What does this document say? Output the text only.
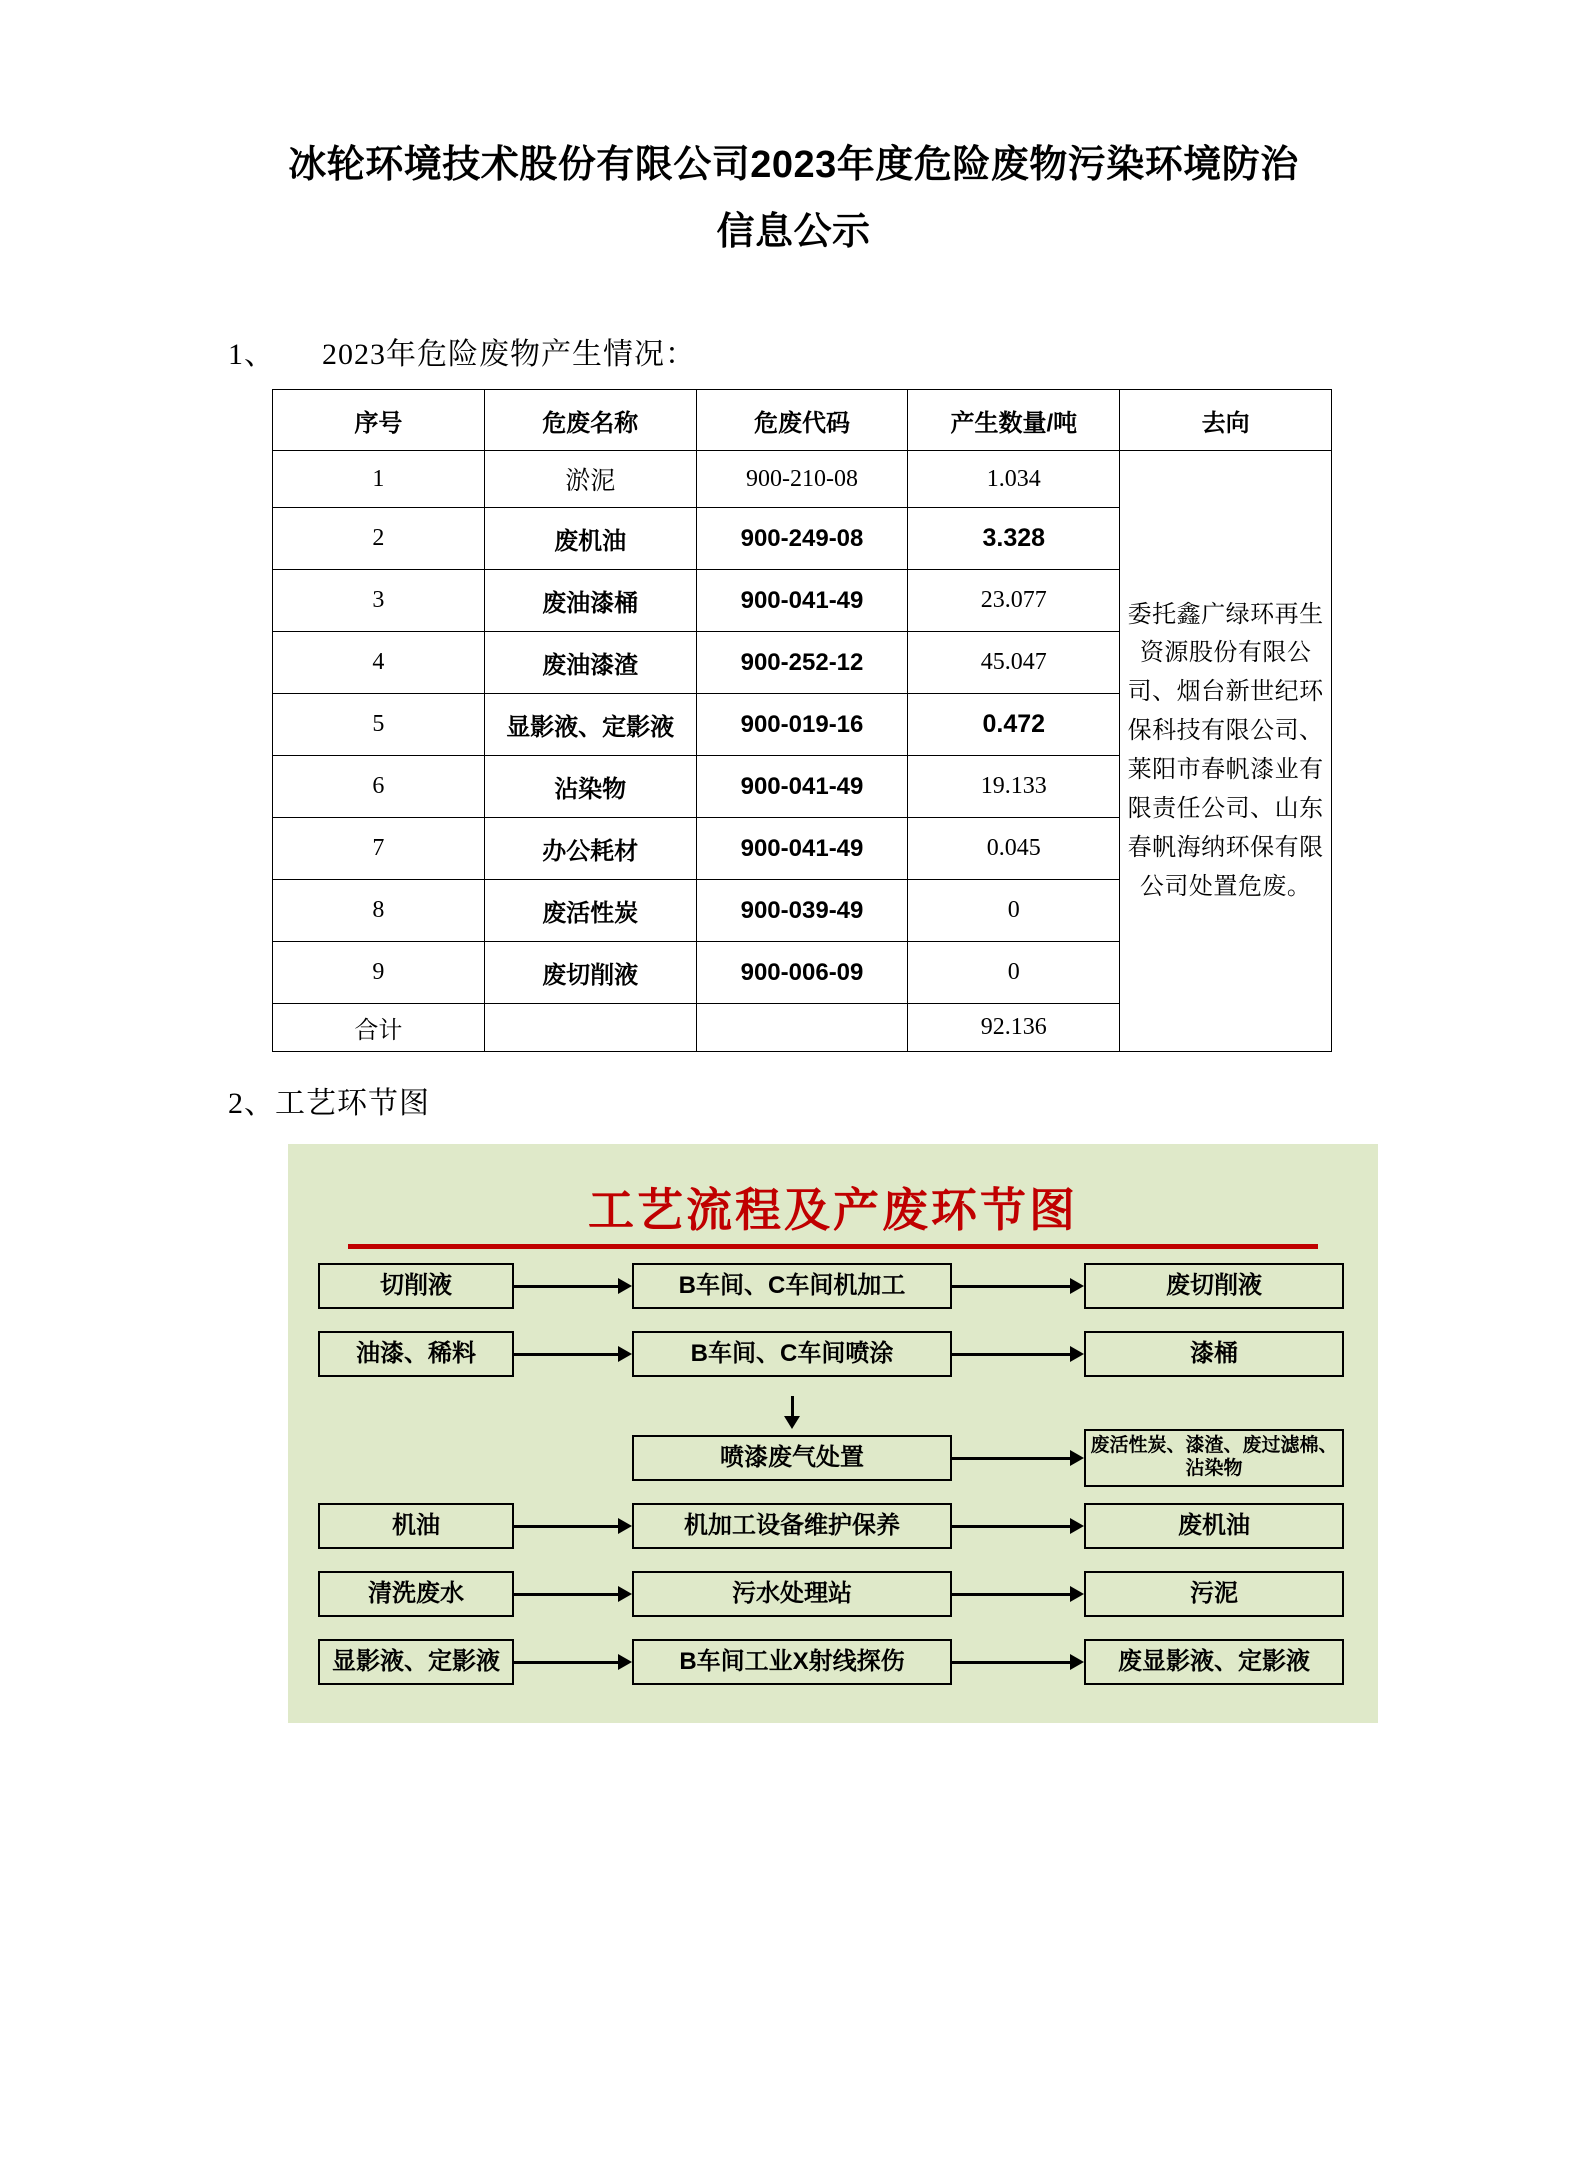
冰轮环境技术股份有限公司2023年度危险废物污染环境防治
信息公示
1、 2023年危险废物产生情况：
序号	危废名称	危废代码	产生数量/吨	去向
1	淤泥	900-210-08	1.034	委托鑫广绿环再生资源股份有限公司、烟台新世纪环保科技有限公司、莱阳市春帆漆业有限责任公司、山东春帆海纳环保有限公司处置危废。
2	废机油	900-249-08	3.328	
3	废油漆桶	900-041-49	23.077	
4	废油漆渣	900-252-12	45.047	
5	显影液、定影液	900-019-16	0.472	
6	沾染物	900-041-49	19.133	
7	办公耗材	900-041-49	0.045	
8	废活性炭	900-039-49	0	
9	废切削液	900-006-09	0	
合计			92.136	
2、工艺环节图
工艺流程及产废环节图
切削液	B车间、C车间机加工	废切削液
油漆、稀料	B车间、C车间喷涂	漆桶
喷漆废气处置	废活性炭、漆渣、废过滤棉、沾染物
机油	机加工设备维护保养	废机油
清洗废水	污水处理站	污泥
显影液、定影液	B车间工业X射线探伤	废显影液、定影液
